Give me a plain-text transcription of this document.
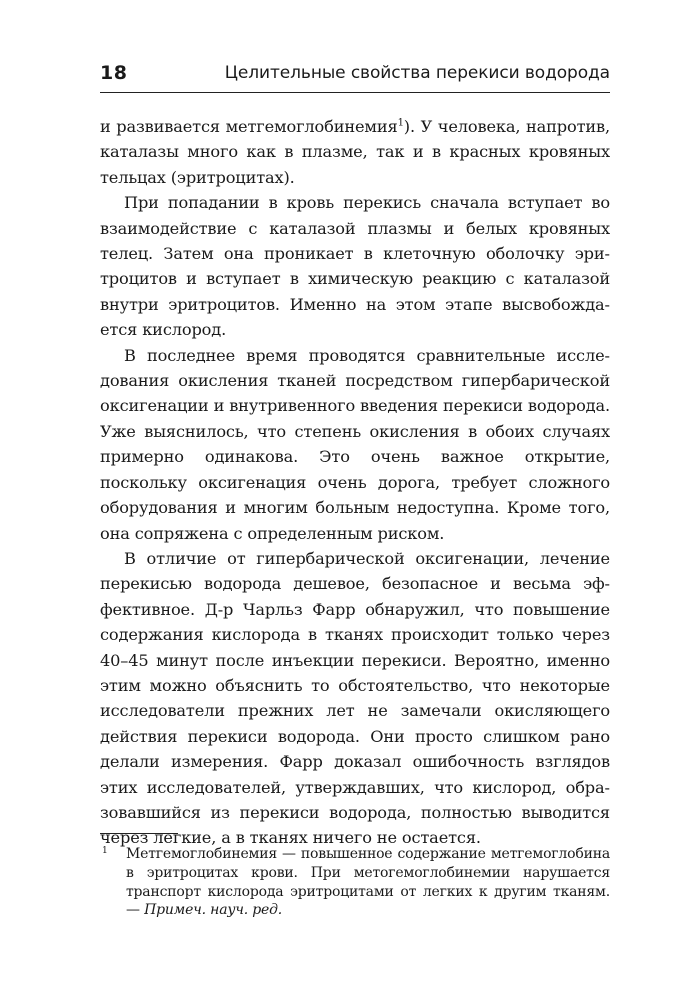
18	Целительные свойства перекиси водорода

и развивается метгемоглобинемия$^1$). У человека, напротив, каталазы много как в плазме, так и в красных кровяных тельцах (эритроцитах).

При попадании в кровь перекись сначала вступает во взаимодействие с каталазой плазмы и белых кровяных телец. Затем она проникает в клеточную оболочку эритроцитов и вступает в химическую реакцию с каталазой внутри эритроцитов. Именно на этом этапе высвобождается кислород.

В последнее время проводятся сравнительные исследования окисления тканей посредством гипербарической оксигенации и внутривенного введения перекиси водорода. Уже выяснилось, что степень окисления в обоих случаях примерно одинакова. Это очень важное открытие, поскольку оксигенация очень дорога, требует сложного оборудования и многим больным недоступна. Кроме того, она сопряжена с определенным риском.

В отличие от гипербарической оксигенации, лечение перекисью водорода дешевое, безопасное и весьма эффективное. Д-р Чарльз Фарр обнаружил, что повышение содержания кислорода в тканях происходит только через 40–45 минут после инъекции перекиси. Вероятно, именно этим можно объяснить то обстоятельство, что некоторые исследователи прежних лет не замечали окисляющего действия перекиси водорода. Они просто слишком рано делали измерения. Фарр доказал ошибочность взглядов этих исследователей, утверждавших, что кислород, образовавшийся из перекиси водорода, полностью выводится через легкие, а в тканях ничего не остается.

1 Метгемоглобинемия — повышенное содержание метгемоглобина в эритроцитах крови. При метогемоглобинемии нарушается транспорт кислорода эритроцитами от легких к другим тканям. — Примеч. науч. ред.
